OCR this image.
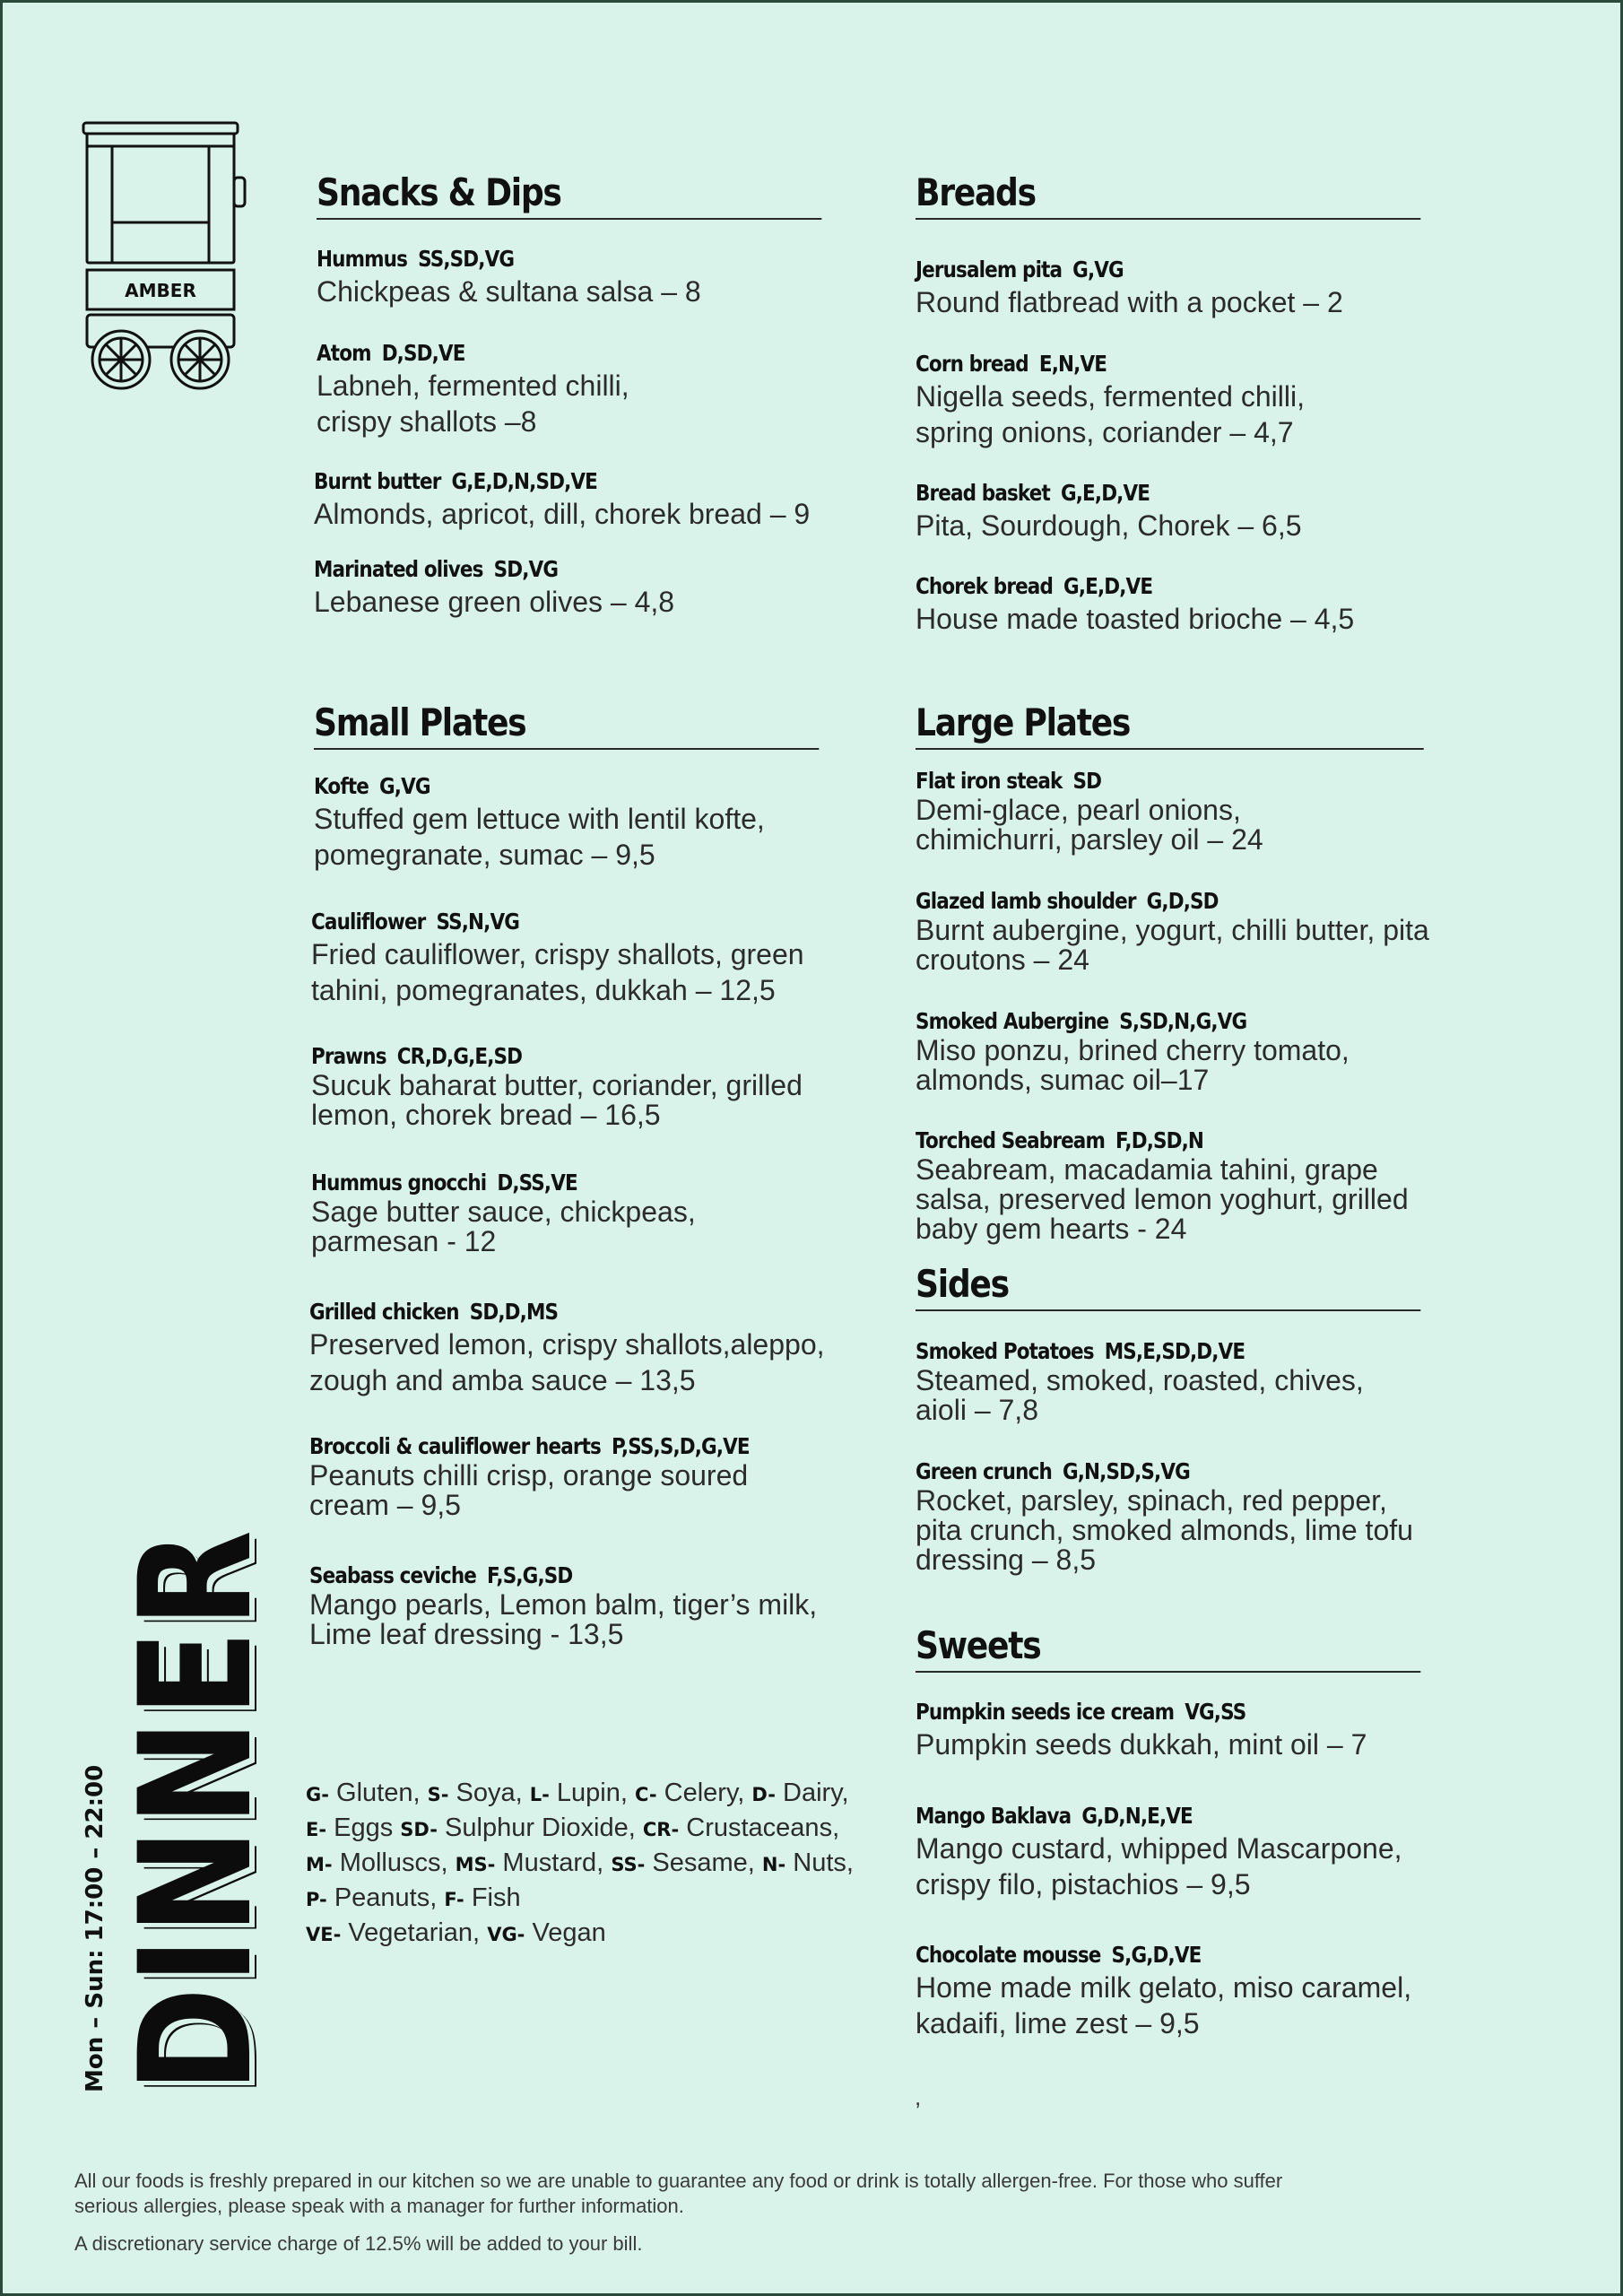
AMBER
Snacks & Dips
Hummus SS,SD,VG
Chickpeas & sultana salsa – 8
Atom D,SD,VE
Labneh, fermented chilli,
crispy shallots –8
Burnt butter G,E,D,N,SD,VE
Almonds, apricot, dill, chorek bread – 9
Marinated olives SD,VG
Lebanese green olives – 4,8
Breads
Jerusalem pita G,VG
Round flatbread with a pocket – 2
Corn bread E,N,VE
Nigella seeds, fermented chilli,
spring onions, coriander – 4,7
Bread basket G,E,D,VE
Pita, Sourdough, Chorek – 6,5
Chorek bread G,E,D,VE
House made toasted brioche – 4,5
Small Plates
Kofte G,VG
Stuffed gem lettuce with lentil kofte,
pomegranate, sumac – 9,5
Cauliflower SS,N,VG
Fried cauliflower, crispy shallots, green
tahini, pomegranates, dukkah – 12,5
Prawns CR,D,G,E,SD
Sucuk baharat butter, coriander, grilled
lemon, chorek bread – 16,5
Hummus gnocchi D,SS,VE
Sage butter sauce, chickpeas,
parmesan - 12
Grilled chicken SD,D,MS
Preserved lemon, crispy shallots,aleppo,
zough and amba sauce – 13,5
Broccoli & cauliflower hearts P,SS,S,D,G,VE
Peanuts chilli crisp, orange soured
cream – 9,5
Seabass ceviche F,S,G,SD
Mango pearls, Lemon balm, tiger’s milk,
Lime leaf dressing - 13,5
Large Plates
Flat iron steak SD
Demi-glace, pearl onions,
chimichurri, parsley oil – 24
Glazed lamb shoulder G,D,SD
Burnt aubergine, yogurt, chilli butter, pita
croutons – 24
Smoked Aubergine S,SD,N,G,VG
Miso ponzu, brined cherry tomato,
almonds, sumac oil–17
Torched Seabream F,D,SD,N
Seabream, macadamia tahini, grape
salsa, preserved lemon yoghurt, grilled
baby gem hearts - 24
Sides
Smoked Potatoes MS,E,SD,D,VE
Steamed, smoked, roasted, chives,
aioli – 7,8
Green crunch G,N,SD,S,VG
Rocket, parsley, spinach, red pepper,
pita crunch, smoked almonds, lime tofu
dressing – 8,5
Sweets
Pumpkin seeds ice cream VG,SS
Pumpkin seeds dukkah, mint oil – 7
Mango Baklava G,D,N,E,VE
Mango custard, whipped Mascarpone,
crispy filo, pistachios – 9,5
Chocolate mousse S,G,D,VE
Home made milk gelato, miso caramel,
kadaifi, lime zest – 9,5
,
DINNER
Mon – Sun: 17:00 – 22:00	G- Gluten, S- Soya, L- Lupin, C- Celery, D- Dairy,
E- Eggs SD- Sulphur Dioxide, CR- Crustaceans,
M- Molluscs, MS- Mustard, SS- Sesame, N- Nuts,
P- Peanuts, F- Fish
VE- Vegetarian, VG- Vegan

All our foods is freshly prepared in our kitchen so we are unable to guarantee any food or drink is totally allergen-free. For those who suffer serious allergies, please speak with a manager for further information.

A discretionary service charge of 12.5% will be added to your bill.
